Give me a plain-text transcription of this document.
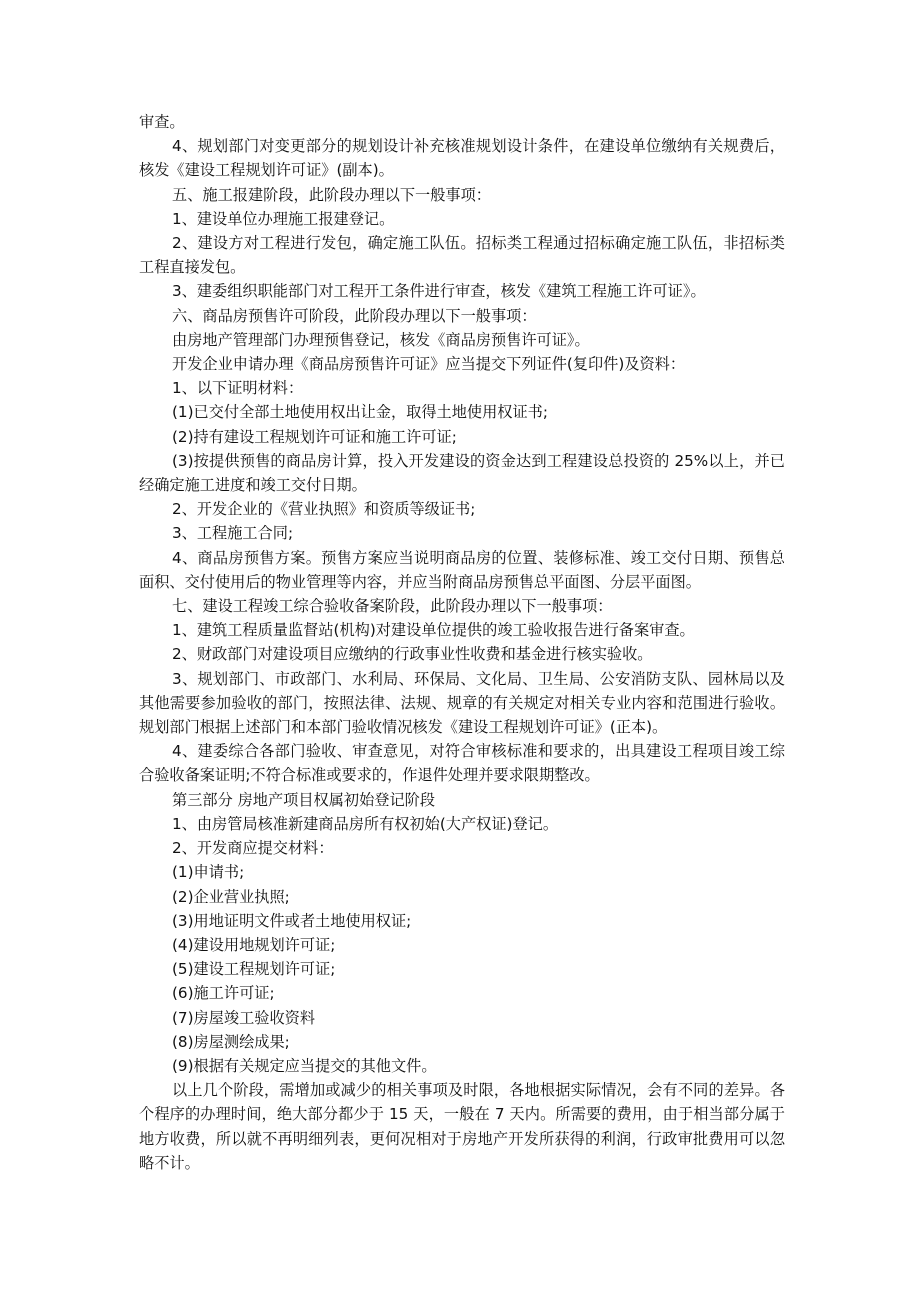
审查。

4、规划部门对变更部分的规划设计补充核准规划设计条件，在建设单位缴纳有关规费后，核发《建设工程规划许可证》(副本)。

五、施工报建阶段，此阶段办理以下一般事项：

1、建设单位办理施工报建登记。

2、建设方对工程进行发包，确定施工队伍。招标类工程通过招标确定施工队伍，非招标类工程直接发包。

3、建委组织职能部门对工程开工条件进行审查，核发《建筑工程施工许可证》。

六、商品房预售许可阶段，此阶段办理以下一般事项：

由房地产管理部门办理预售登记，核发《商品房预售许可证》。

开发企业申请办理《商品房预售许可证》应当提交下列证件(复印件)及资料：

1、以下证明材料：

(1)已交付全部土地使用权出让金，取得土地使用权证书;

(2)持有建设工程规划许可证和施工许可证;

(3)按提供预售的商品房计算，投入开发建设的资金达到工程建设总投资的 25%以上，并已经确定施工进度和竣工交付日期。

2、开发企业的《营业执照》和资质等级证书;

3、工程施工合同;

4、商品房预售方案。预售方案应当说明商品房的位置、装修标准、竣工交付日期、预售总面积、交付使用后的物业管理等内容，并应当附商品房预售总平面图、分层平面图。

七、建设工程竣工综合验收备案阶段，此阶段办理以下一般事项：

1、建筑工程质量监督站(机构)对建设单位提供的竣工验收报告进行备案审查。

2、财政部门对建设项目应缴纳的行政事业性收费和基金进行核实验收。

3、规划部门、市政部门、水利局、环保局、文化局、卫生局、公安消防支队、园林局以及其他需要参加验收的部门，按照法律、法规、规章的有关规定对相关专业内容和范围进行验收。规划部门根据上述部门和本部门验收情况核发《建设工程规划许可证》(正本)。

4、建委综合各部门验收、审查意见，对符合审核标准和要求的，出具建设工程项目竣工综合验收备案证明;不符合标准或要求的，作退件处理并要求限期整改。

第三部分 房地产项目权属初始登记阶段

1、由房管局核准新建商品房所有权初始(大产权证)登记。

2、开发商应提交材料：

(1)申请书;

(2)企业营业执照;

(3)用地证明文件或者土地使用权证;

(4)建设用地规划许可证;

(5)建设工程规划许可证;

(6)施工许可证;

(7)房屋竣工验收资料

(8)房屋测绘成果;

(9)根据有关规定应当提交的其他文件。

以上几个阶段，需增加或减少的相关事项及时限，各地根据实际情况，会有不同的差异。各个程序的办理时间，绝大部分都少于 15 天，一般在 7 天内。所需要的费用，由于相当部分属于地方收费，所以就不再明细列表，更何况相对于房地产开发所获得的利润，行政审批费用可以忽略不计。
